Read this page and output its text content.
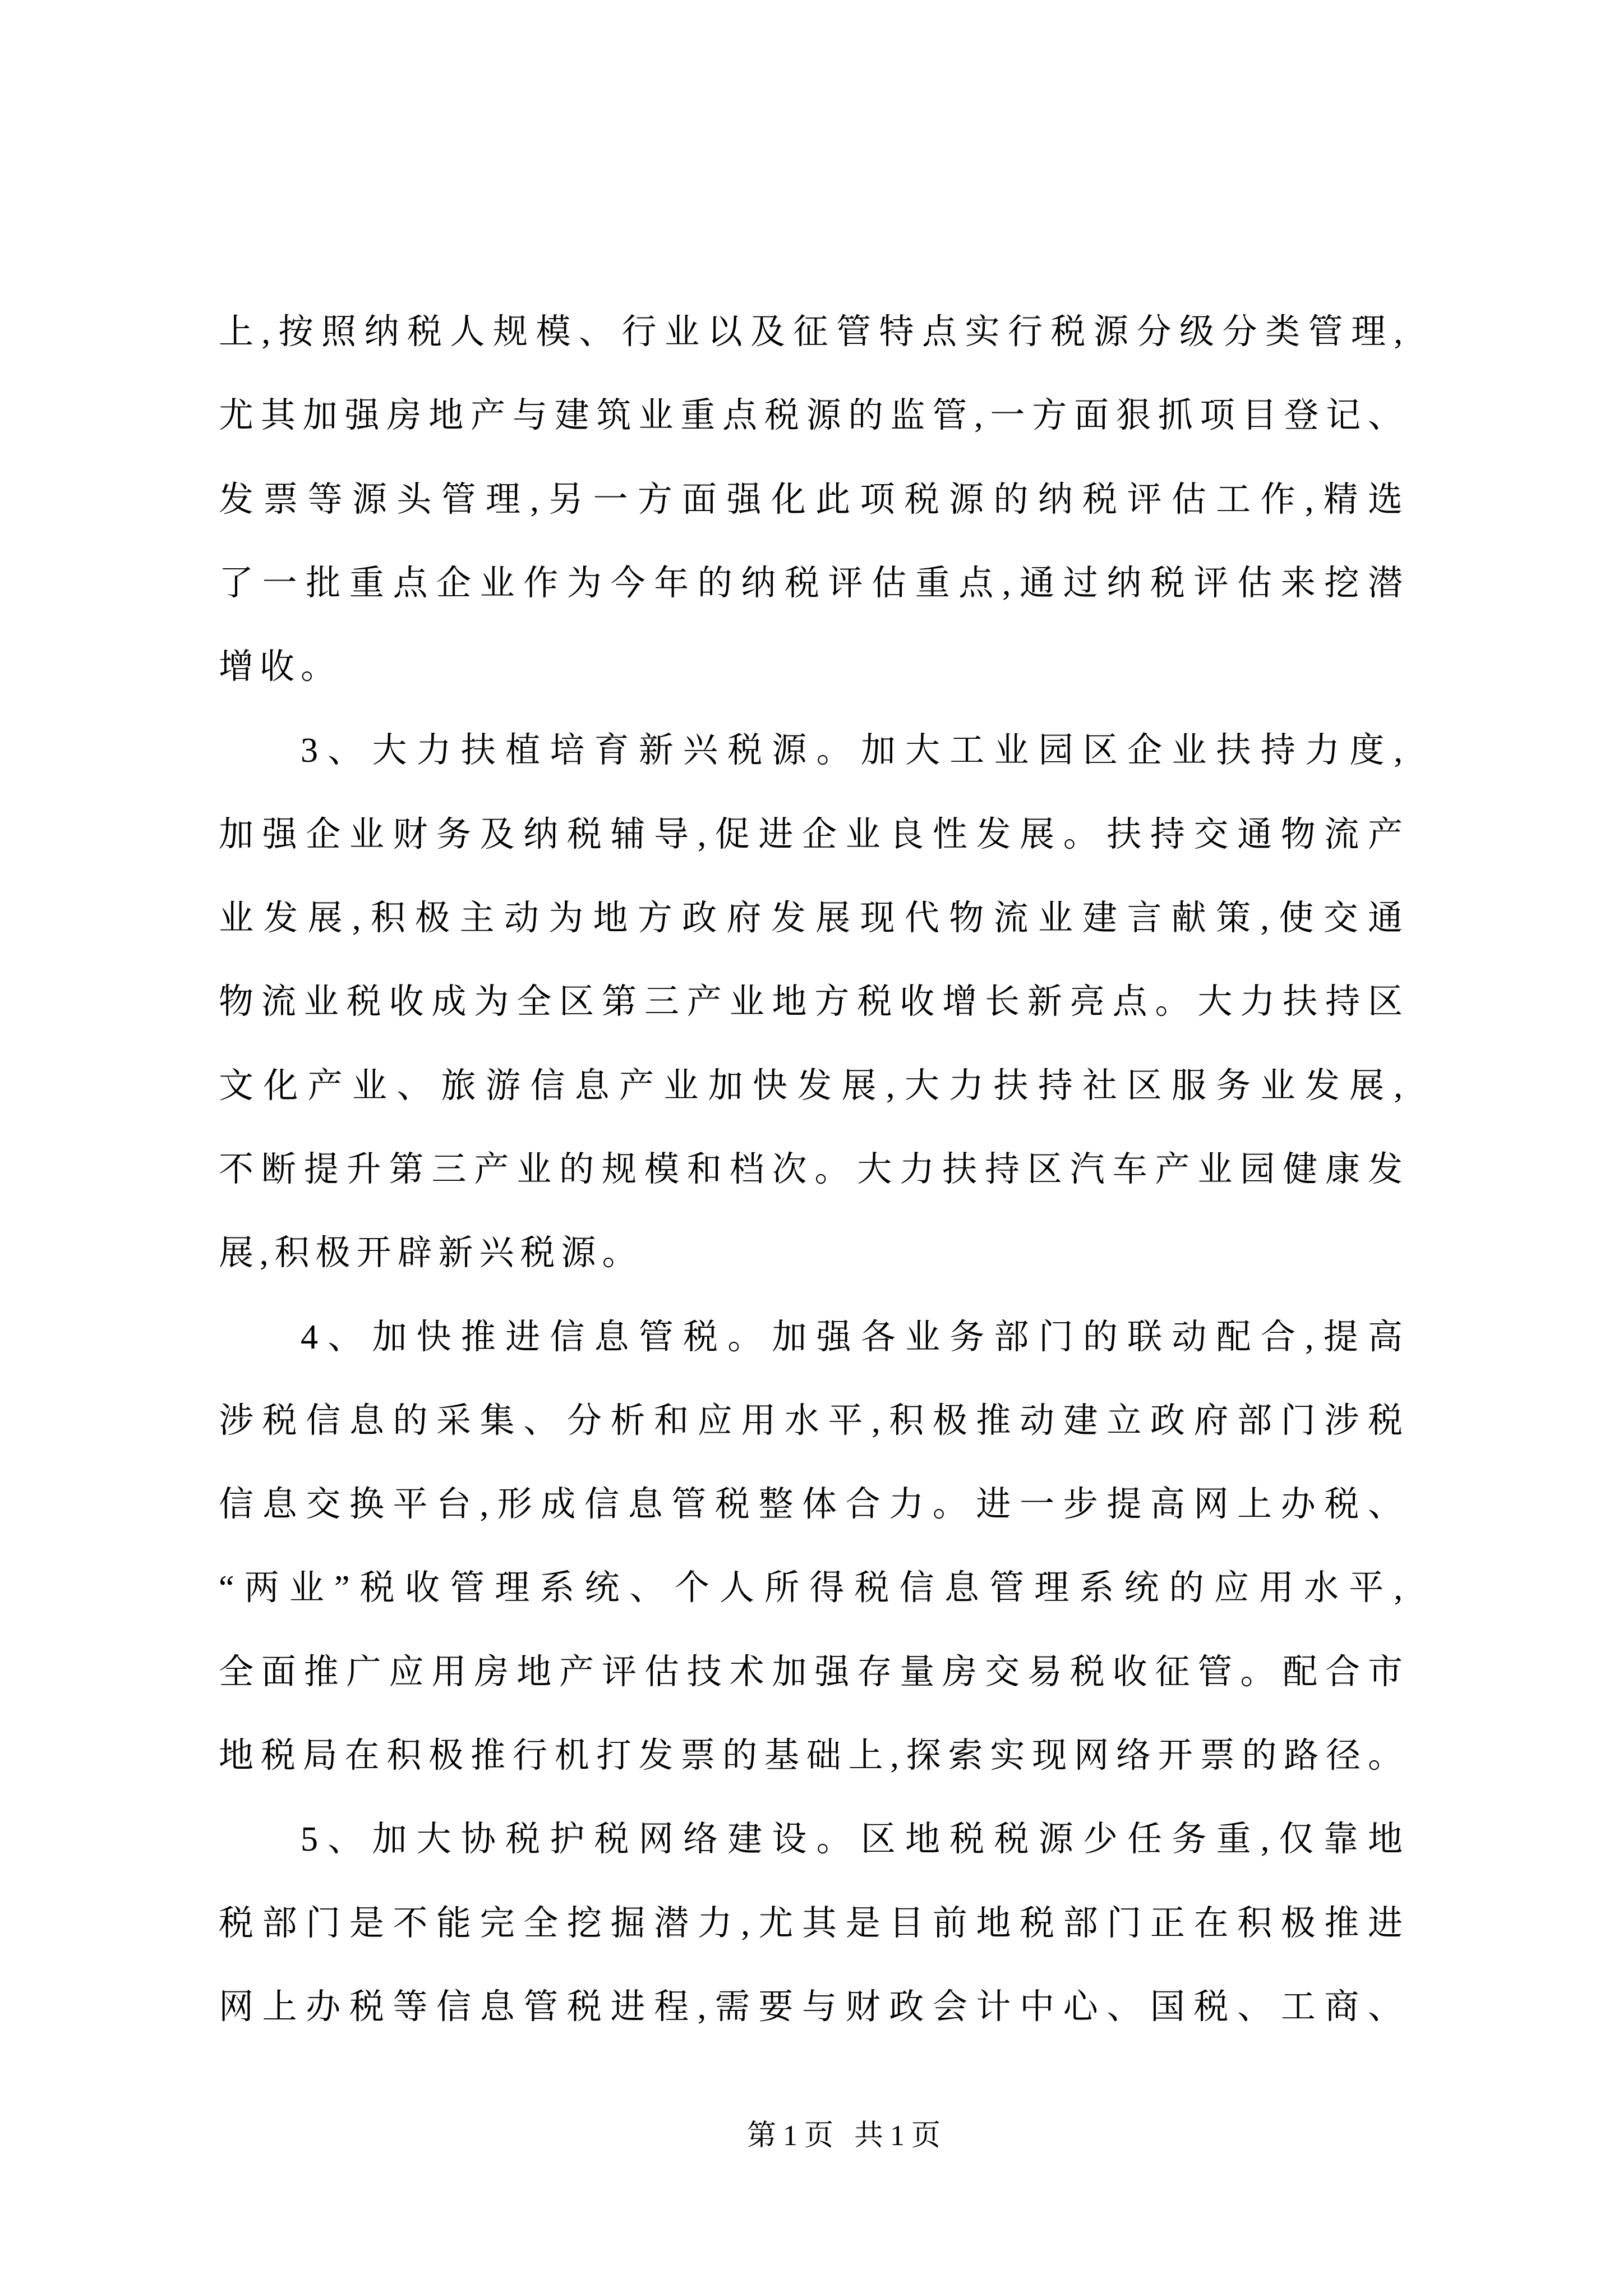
上,按照纳税人规模、行业以及征管特点实行税源分级分类管理,
尤其加强房地产与建筑业重点税源的监管,一方面狠抓项目登记、
发票等源头管理,另一方面强化此项税源的纳税评估工作,精选
了一批重点企业作为今年的纳税评估重点,通过纳税评估来挖潜
增收。
3、大力扶植培育新兴税源。加大工业园区企业扶持力度,
加强企业财务及纳税辅导,促进企业良性发展。扶持交通物流产
业发展,积极主动为地方政府发展现代物流业建言献策,使交通
物流业税收成为全区第三产业地方税收增长新亮点。大力扶持区
文化产业、旅游信息产业加快发展,大力扶持社区服务业发展,
不断提升第三产业的规模和档次。大力扶持区汽车产业园健康发
展,积极开辟新兴税源。
4、加快推进信息管税。加强各业务部门的联动配合,提高
涉税信息的采集、分析和应用水平,积极推动建立政府部门涉税
信息交换平台,形成信息管税整体合力。进一步提高网上办税、
“两业”税收管理系统、个人所得税信息管理系统的应用水平,
全面推广应用房地产评估技术加强存量房交易税收征管。配合市
地税局在积极推行机打发票的基础上,探索实现网络开票的路径。
5、加大协税护税网络建设。区地税税源少任务重,仅靠地
税部门是不能完全挖掘潜力,尤其是目前地税部门正在积极推进
网上办税等信息管税进程,需要与财政会计中心、国税、工商、
第1页 共1页
